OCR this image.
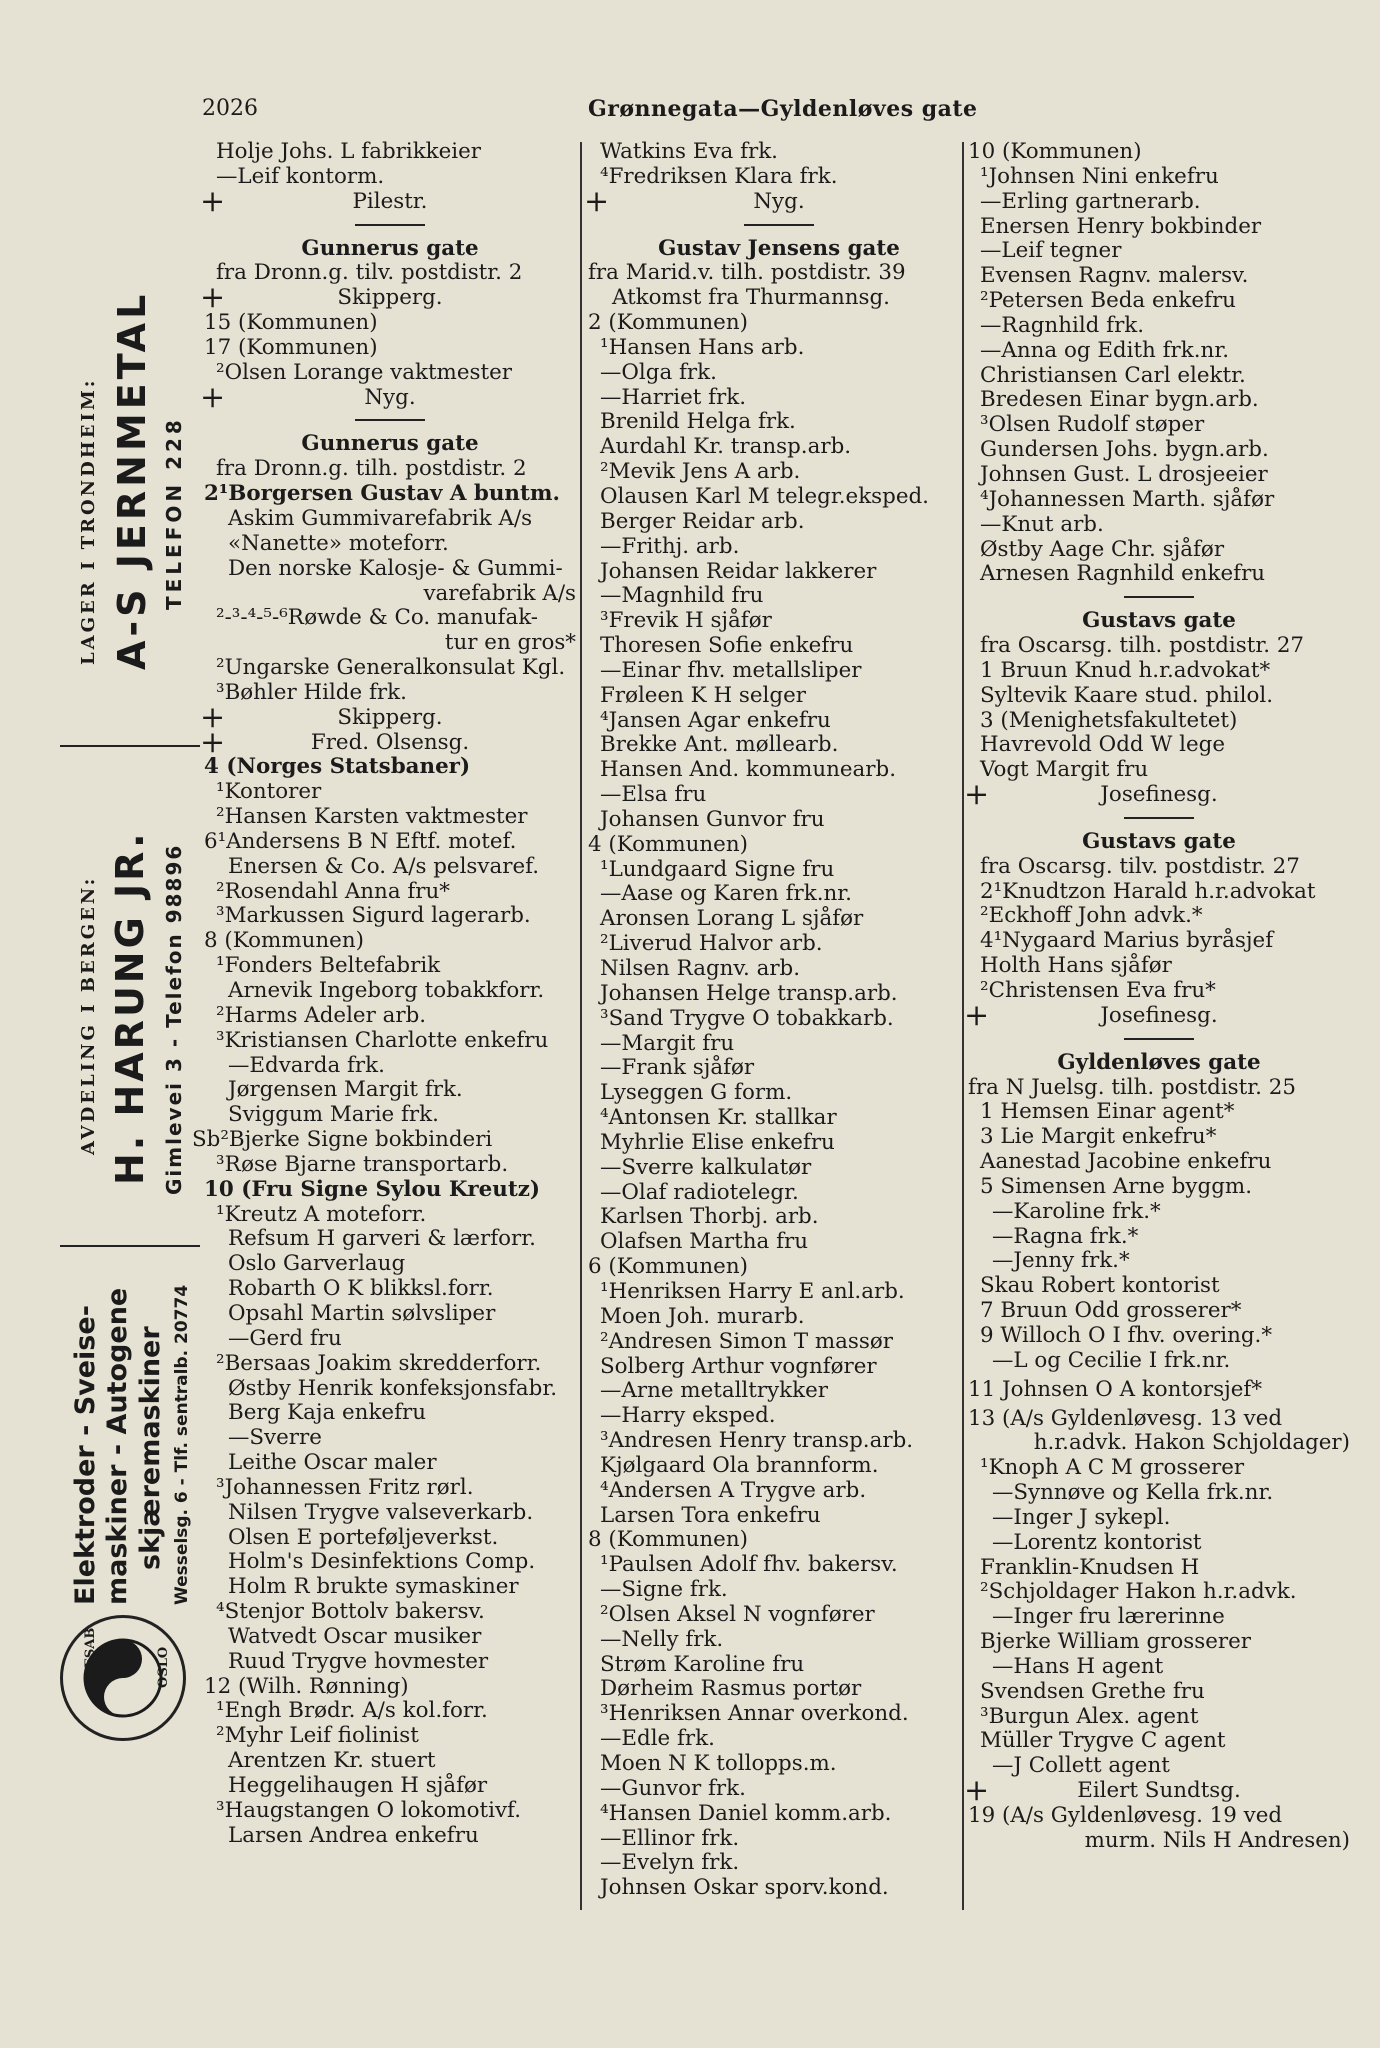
2026	Grønnegata—Gyldenløves gate
LAGER I TRONDHEIM: A-S JERNMETAL TELEFON 228
AVDELING I BERGEN: H. HARUNG JR. Gimlevei 3 - Telefon 98896
Elektroder - Sveise- maskiner - Autogene skjæremaskiner Wesselsg. 6 - Tlf. sentralb. 20774
ESAB	OSLO
Holje Johs. L fabrikkeier
—Leif kontorm.
+	Pilestr.
Gunnerus gate
fra Dronn.g. tilv. postdistr. 2
+	Skipperg.
15 (Kommunen)
17 (Kommunen)
²Olsen Lorange vaktmester
+	Nyg.
Gunnerus gate
fra Dronn.g. tilh. postdistr. 2
2¹Borgersen Gustav A buntm.
Askim Gummivarefabrik A/s
«Nanette» moteforr.
Den norske Kalosje- & Gummi-
varefabrik A/s
²-³-⁴-⁵-⁶Røwde & Co. manufak-
tur en gros*
²Ungarske Generalkonsulat Kgl.
³Bøhler Hilde frk.
+	Skipperg.
+	Fred. Olsensg.
4 (Norges Statsbaner)
¹Kontorer
²Hansen Karsten vaktmester
6¹Andersens B N Eftf. motef.
Enersen & Co. A/s pelsvaref.
²Rosendahl Anna fru*
³Markussen Sigurd lagerarb.
8 (Kommunen)
¹Fonders Beltefabrik
Arnevik Ingeborg tobakkforr.
²Harms Adeler arb.
³Kristiansen Charlotte enkefru
—Edvarda frk.
Jørgensen Margit frk.
Sviggum Marie frk.
Sb²Bjerke Signe bokbinderi
³Røse Bjarne transportarb.
10 (Fru Signe Sylou Kreutz)
¹Kreutz A moteforr.
Refsum H garveri & lærforr.
Oslo Garverlaug
Robarth O K blikksl.forr.
Opsahl Martin sølvsliper
—Gerd fru
²Bersaas Joakim skredderforr.
Østby Henrik konfeksjonsfabr.
Berg Kaja enkefru
—Sverre
Leithe Oscar maler
³Johannessen Fritz rørl.
Nilsen Trygve valseverkarb.
Olsen E porteføljeverkst.
Holm's Desinfektions Comp.
Holm R brukte symaskiner
⁴Stenjor Bottolv bakersv.
Watvedt Oscar musiker
Ruud Trygve hovmester
12 (Wilh. Rønning)
¹Engh Brødr. A/s kol.forr.
²Myhr Leif fiolinist
Arentzen Kr. stuert
Heggelihaugen H sjåfør
³Haugstangen O lokomotivf.
Larsen Andrea enkefru
Watkins Eva frk.
⁴Fredriksen Klara frk.
+	Nyg.
Gustav Jensens gate
fra Marid.v. tilh. postdistr. 39
Atkomst fra Thurmannsg.
2 (Kommunen)
¹Hansen Hans arb.
—Olga frk.
—Harriet frk.
Brenild Helga frk.
Aurdahl Kr. transp.arb.
²Mevik Jens A arb.
Olausen Karl M telegr.eksped.
Berger Reidar arb.
—Frithj. arb.
Johansen Reidar lakkerer
—Magnhild fru
³Frevik H sjåfør
Thoresen Sofie enkefru
—Einar fhv. metallsliper
Frøleen K H selger
⁴Jansen Agar enkefru
Brekke Ant. møllearb.
Hansen And. kommunearb.
—Elsa fru
Johansen Gunvor fru
4 (Kommunen)
¹Lundgaard Signe fru
—Aase og Karen frk.nr.
Aronsen Lorang L sjåfør
²Liverud Halvor arb.
Nilsen Ragnv. arb.
Johansen Helge transp.arb.
³Sand Trygve O tobakkarb.
—Margit fru
—Frank sjåfør
Lyseggen G form.
⁴Antonsen Kr. stallkar
Myhrlie Elise enkefru
—Sverre kalkulatør
—Olaf radiotelegr.
Karlsen Thorbj. arb.
Olafsen Martha fru
6 (Kommunen)
¹Henriksen Harry E anl.arb.
Moen Joh. murarb.
²Andresen Simon T massør
Solberg Arthur vognfører
—Arne metalltrykker
—Harry eksped.
³Andresen Henry transp.arb.
Kjølgaard Ola brannform.
⁴Andersen A Trygve arb.
Larsen Tora enkefru
8 (Kommunen)
¹Paulsen Adolf fhv. bakersv.
—Signe frk.
²Olsen Aksel N vognfører
—Nelly frk.
Strøm Karoline fru
Dørheim Rasmus portør
³Henriksen Annar overkond.
—Edle frk.
Moen N K tollopps.m.
—Gunvor frk.
⁴Hansen Daniel komm.arb.
—Ellinor frk.
—Evelyn frk.
Johnsen Oskar sporv.kond.
10 (Kommunen)
¹Johnsen Nini enkefru
—Erling gartnerarb.
Enersen Henry bokbinder
—Leif tegner
Evensen Ragnv. malersv.
²Petersen Beda enkefru
—Ragnhild frk.
—Anna og Edith frk.nr.
Christiansen Carl elektr.
Bredesen Einar bygn.arb.
³Olsen Rudolf støper
Gundersen Johs. bygn.arb.
Johnsen Gust. L drosjeeier
⁴Johannessen Marth. sjåfør
—Knut arb.
Østby Aage Chr. sjåfør
Arnesen Ragnhild enkefru
Gustavs gate
fra Oscarsg. tilh. postdistr. 27
1 Bruun Knud h.r.advokat*
Syltevik Kaare stud. philol.
3 (Menighetsfakultetet)
Havrevold Odd W lege
Vogt Margit fru
+	Josefinesg.
Gustavs gate
fra Oscarsg. tilv. postdistr. 27
2¹Knudtzon Harald h.r.advokat
²Eckhoff John advk.*
4¹Nygaard Marius byråsjef
Holth Hans sjåfør
²Christensen Eva fru*
+	Josefinesg.
Gyldenløves gate
fra N Juelsg. tilh. postdistr. 25
1 Hemsen Einar agent*
3 Lie Margit enkefru*
Aanestad Jacobine enkefru
5 Simensen Arne byggm.
—Karoline frk.*
—Ragna frk.*
—Jenny frk.*
Skau Robert kontorist
7 Bruun Odd grosserer*
9 Willoch O I fhv. overing.*
—L og Cecilie I frk.nr.
11 Johnsen O A kontorsjef*
13 (A/s Gyldenløvesg. 13 ved
h.r.advk. Hakon Schjoldager)
¹Knoph A C M grosserer
—Synnøve og Kella frk.nr.
—Inger J sykepl.
—Lorentz kontorist
Franklin-Knudsen H
²Schjoldager Hakon h.r.advk.
—Inger fru lærerinne
Bjerke William grosserer
—Hans H agent
Svendsen Grethe fru
³Burgun Alex. agent
Müller Trygve C agent
—J Collett agent
+	Eilert Sundtsg.
19 (A/s Gyldenløvesg. 19 ved
murm. Nils H Andresen)
